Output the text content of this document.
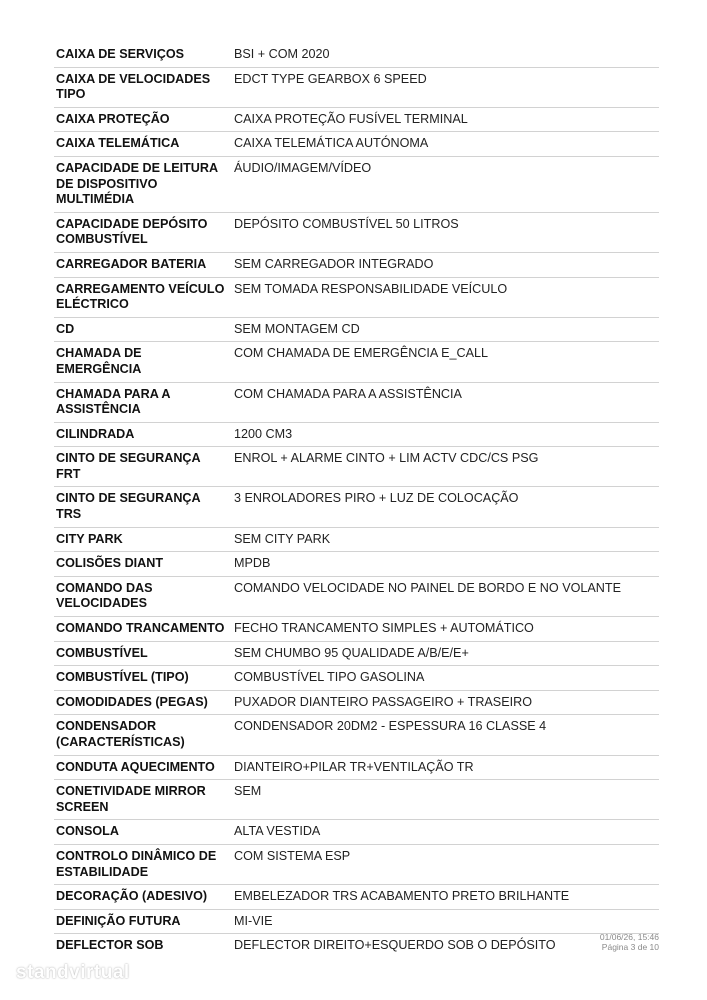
CAIXA DE SERVIÇOS	BSI + COM 2020
CAIXA DE VELOCIDADES TIPO	EDCT TYPE GEARBOX 6 SPEED
CAIXA PROTEÇÃO	CAIXA PROTEÇÃO FUSÍVEL TERMINAL
CAIXA TELEMÁTICA	CAIXA TELEMÁTICA AUTÓNOMA
CAPACIDADE DE LEITURA DE DISPOSITIVO MULTIMÉDIA	ÁUDIO/IMAGEM/VÍDEO
CAPACIDADE DEPÓSITO COMBUSTÍVEL	DEPÓSITO COMBUSTÍVEL 50 LITROS
CARREGADOR BATERIA	SEM CARREGADOR INTEGRADO
CARREGAMENTO VEÍCULO ELÉCTRICO	SEM TOMADA RESPONSABILIDADE VEÍCULO
CD	SEM MONTAGEM CD
CHAMADA DE EMERGÊNCIA	COM CHAMADA DE EMERGÊNCIA E_CALL
CHAMADA PARA A ASSISTÊNCIA	COM CHAMADA PARA A ASSISTÊNCIA
CILINDRADA	1200 CM3
CINTO DE SEGURANÇA FRT	ENROL + ALARME CINTO + LIM ACTV CDC/CS PSG
CINTO DE SEGURANÇA TRS	3 ENROLADORES PIRO + LUZ DE COLOCAÇÃO
CITY PARK	SEM CITY PARK
COLISÕES DIANT	MPDB
COMANDO DAS VELOCIDADES	COMANDO VELOCIDADE NO PAINEL DE BORDO E NO VOLANTE
COMANDO TRANCAMENTO	FECHO TRANCAMENTO SIMPLES + AUTOMÁTICO
COMBUSTÍVEL	SEM CHUMBO 95 QUALIDADE A/B/E/E+
COMBUSTÍVEL (TIPO)	COMBUSTÍVEL TIPO GASOLINA
COMODIDADES (PEGAS)	PUXADOR DIANTEIRO PASSAGEIRO + TRASEIRO
CONDENSADOR (CARACTERÍSTICAS)	CONDENSADOR 20DM2 - ESPESSURA 16 CLASSE 4
CONDUTA AQUECIMENTO	DIANTEIRO+PILAR TR+VENTILAÇÃO TR
CONETIVIDADE MIRROR SCREEN	SEM
CONSOLA	ALTA VESTIDA
CONTROLO DINÂMICO DE ESTABILIDADE	COM SISTEMA ESP
DECORAÇÃO (ADESIVO)	EMBELEZADOR TRS ACABAMENTO PRETO BRILHANTE
DEFINIÇÃO FUTURA	MI-VIE
DEFLECTOR SOB	DEFLECTOR DIREITO+ESQUERDO SOB O DEPÓSITO
01/06/26, 15:46
Página 3 de 10
standvirtual
